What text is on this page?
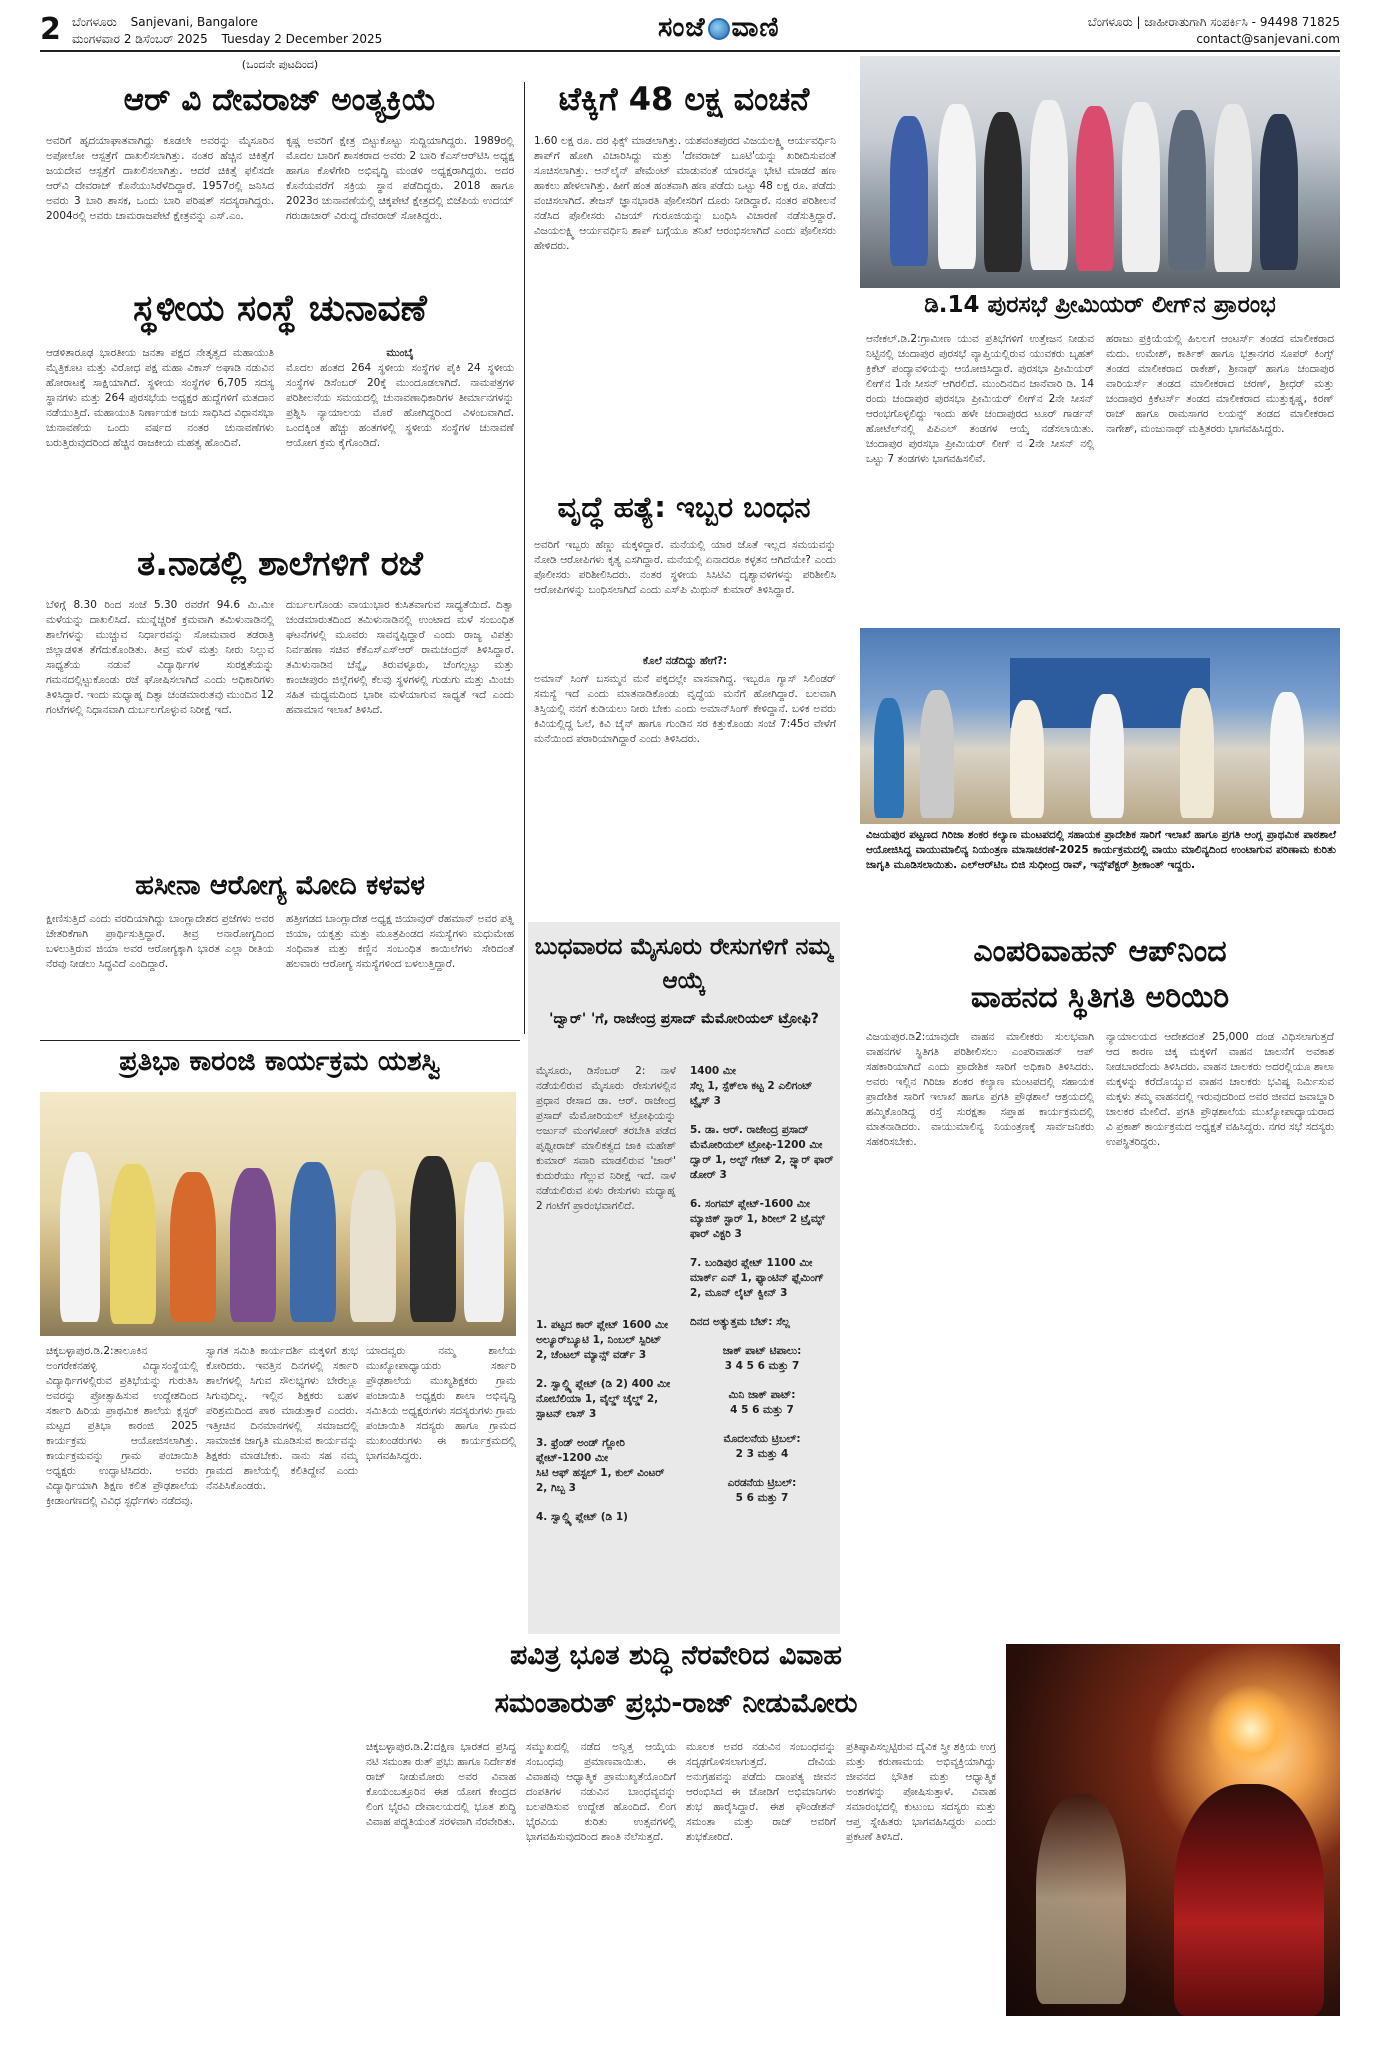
2 ಬೆಂಗಳೂರು Sanjevani, Bangalore
ಮಂಗಳವಾರ 2 ಡಿಸೆಂಬರ್ 2025 Tuesday 2 December 2025	ಸಂಜೆ ವಾಣಿ	ಬೆಂಗಳೂರು | ಜಾಹೀರಾತುಗಾಗಿ ಸಂಪರ್ಕಿಸಿ - 94498 71825
contact@sanjevani.com
(ಒಂದನೇ ಪುಟದಿಂದ)
ಆರ್ ವಿ ದೇವರಾಜ್ ಅಂತ್ಯಕ್ರಿಯೆ
ಅವರಿಗೆ ಹೃದಯಾಘಾತವಾಗಿದ್ದು ಕೂಡಲೇ ಅವರನ್ನು ಮೈಸೂರಿನ ಅಪೋಲೋ ಆಸ್ಪತ್ರೆಗೆ ದಾಖಲಿಸಲಾಗಿತ್ತು. ನಂತರ ಹೆಚ್ಚಿನ ಚಿಕಿತ್ಸೆಗೆ ಜಯದೇವ ಆಸ್ಪತ್ರೆಗೆ ದಾಖಲಿಸಲಾಗಿತ್ತು. ಆದರೆ ಚಿಕಿತ್ಸೆ ಫಲಿಸದೇ ಆರ್‌ವಿ ದೇವರಾಜ್ ಕೊನೆಯುಸಿರೆಳೆದಿದ್ದಾರೆ. 1957ರಲ್ಲಿ ಜನಿಸಿದ ಅವರು 3 ಬಾರಿ ಶಾಸಕ, ಒಂದು ಬಾರಿ ಪರಿಷತ್ ಸದಸ್ಯರಾಗಿದ್ದರು. 2004ರಲ್ಲಿ ಅವರು ಚಾಮರಾಜಪೇಟೆ ಕ್ಷೇತ್ರವನ್ನು ಎಸ್.ಎಂ.
ಕೃಷ್ಣ ಅವರಿಗೆ ಕ್ಷೇತ್ರ ಬಿಟ್ಟುಕೊಟ್ಟು ಸುದ್ದಿಯಾಗಿದ್ದರು. 1989ರಲ್ಲಿ ಮೊದಲ ಬಾರಿಗೆ ಶಾಸಕರಾದ ಅವರು 2 ಬಾರಿ ಕೆಎಸ್‌ಆರ್‌ಟಿಸಿ ಅಧ್ಯಕ್ಷ ಹಾಗೂ ಕೊಳೆಗೇರಿ ಅಭಿವೃದ್ಧಿ ಮಂಡಳಿ ಅಧ್ಯಕ್ಷರಾಗಿದ್ದರು. ಅದರ ಕೊನೆಯವರೆಗೆ ಸಕ್ರಿಯ ಸ್ಥಾನ ಪಡೆದಿದ್ದರು. 2018 ಹಾಗೂ 2023ರ ಚುನಾವಣೆಯಲ್ಲಿ ಚಿಕ್ಕಪೇಟೆ ಕ್ಷೇತ್ರದಲ್ಲಿ ಬಿಜೆಪಿಯ ಉದಯ್ ಗರುಡಾಚಾರ್ ವಿರುದ್ಧ ದೇವರಾಜ್ ಸೋತಿದ್ದರು.
ಸ್ಥಳೀಯ ಸಂಸ್ಥೆ ಚುನಾವಣೆ
ಆಡಳಿತಾರೂಢ ಭಾರತೀಯ ಜನತಾ ಪಕ್ಷದ ನೇತೃತ್ವದ ಮಹಾಯುತಿ ಮೈತ್ರಿಕೂಟ ಮತ್ತು ವಿರೋಧ ಪಕ್ಷ ಮಹಾ ವಿಕಾಸ್ ಅಘಾಡಿ ನಡುವಿನ ಹೋರಾಟಕ್ಕೆ ಸಾಕ್ಷಿಯಾಗಿದೆ. ಸ್ಥಳೀಯ ಸಂಸ್ಥೆಗಳ 6,705 ಸದಸ್ಯ ಸ್ಥಾನಗಳು ಮತ್ತು 264 ಪುರಸಭೆಯ ಅಧ್ಯಕ್ಷರ ಹುದ್ದೆಗಳಿಗೆ ಮತದಾನ ನಡೆಯುತ್ತಿದೆ. ಮಹಾಯುತಿ ನಿರ್ಣಾಯಕ ಜಯ ಸಾಧಿಸಿದ ವಿಧಾನಸಭಾ ಚುನಾವಣೆಯ ಒಂದು ವರ್ಷದ ನಂತರ ಚುನಾವಣೆಗಳು ಬರುತ್ತಿರುವುದರಿಂದ ಹೆಚ್ಚಿನ ರಾಜಕೀಯ ಮಹತ್ವ ಹೊಂದಿವೆ.
ಮುಂಬೈ
ಮೊದಲ ಹಂತದ 264 ಸ್ಥಳೀಯ ಸಂಸ್ಥೆಗಳ ಪೈಕಿ 24 ಸ್ಥಳೀಯ ಸಂಸ್ಥೆಗಳ ಡಿಸೆಂಬರ್ 20ಕ್ಕೆ ಮುಂದೂಡಲಾಗಿದೆ. ನಾಮಪತ್ರಗಳ ಪರಿಶೀಲನೆಯ ಸಮಯದಲ್ಲಿ ಚುನಾವಣಾಧಿಕಾರಿಗಳ ತೀರ್ಮಾನಗಳನ್ನು ಪ್ರಶ್ನಿಸಿ ನ್ಯಾಯಾಲಯ ಮೊರೆ ಹೋಗಿದ್ದರಿಂದ ವಿಳಂಬವಾಗಿದೆ. ಒಂದಕ್ಕಿಂತ ಹೆಚ್ಚು ಹಂತಗಳಲ್ಲಿ ಸ್ಥಳೀಯ ಸಂಸ್ಥೆಗಳ ಚುನಾವಣೆ ಆಯೋಗ ಕ್ರಮ ಕೈಗೊಂಡಿದೆ.
ತ.ನಾಡಲ್ಲಿ ಶಾಲೆಗಳಿಗೆ ರಜೆ
ಬೆಳಿಗ್ಗೆ 8.30 ರಿಂದ ಸಂಜೆ 5.30 ರವರೆಗೆ 94.6 ಮಿ.ಮೀ ಮಳೆಯನ್ನು ದಾಖಲಿಸಿದೆ. ಮುನ್ನೆಚ್ಚರಿಕೆ ಕ್ರಮವಾಗಿ ತಮಿಳುನಾಡಿನಲ್ಲಿ ಶಾಲೆಗಳನ್ನು ಮುಚ್ಚುವ ನಿರ್ಧಾರವನ್ನು ಸೋಮವಾರ ತಡರಾತ್ರಿ ಜಿಲ್ಲಾಡಳಿತ ತೆಗೆದುಕೊಂಡಿತು. ತೀವ್ರ ಮಳೆ ಮತ್ತು ನೀರು ನಿಲ್ಲುವ ಸಾಧ್ಯತೆಯ ನಡುವೆ ವಿದ್ಯಾರ್ಥಿಗಳ ಸುರಕ್ಷತೆಯನ್ನು ಗಮನದಲ್ಲಿಟ್ಟುಕೊಂಡು ರಜೆ ಘೋಷಿಸಲಾಗಿದೆ ಎಂದು ಅಧಿಕಾರಿಗಳು ತಿಳಿಸಿದ್ದಾರೆ. ಇಂದು ಮಧ್ಯಾಹ್ನ ದಿತ್ವಾ ಚಂಡಮಾರುತವು ಮುಂದಿನ 12 ಗಂಟೆಗಳಲ್ಲಿ ನಿಧಾನವಾಗಿ ದುರ್ಬಲಗೊಳ್ಳುವ ನಿರೀಕ್ಷೆ ಇದೆ.
ದುರ್ಬಲಗೊಂಡು ವಾಯುಭಾರ ಕುಸಿತವಾಗುವ ಸಾಧ್ಯತೆಯಿದೆ. ದಿತ್ವಾ ಚಂಡಮಾರುತದಿಂದ ತಮಿಳುನಾಡಿನಲ್ಲಿ ಉಂಟಾದ ಮಳೆ ಸಂಬಂಧಿತ ಘಟನೆಗಳಲ್ಲಿ ಮೂವರು ಸಾವನ್ನಪ್ಪಿದ್ದಾರೆ ಎಂದು ರಾಜ್ಯ ವಿಪತ್ತು ನಿರ್ವಹಣಾ ಸಚಿವ ಕೆಕೆಎಸ್‌ಎಸ್‌ಆರ್ ರಾಮಚಂದ್ರನ್ ತಿಳಿಸಿದ್ದಾರೆ. ತಮಿಳುನಾಡಿನ ಚೆನ್ನೈ, ತಿರುವಳ್ಳೂರು, ಚೆಂಗಲ್ಪಟ್ಟು ಮತ್ತು ಕಾಂಚೀಪುರಂ ಜಿಲ್ಲೆಗಳಲ್ಲಿ ಕೆಲವು ಸ್ಥಳಗಳಲ್ಲಿ ಗುಡುಗು ಮತ್ತು ಮಿಂಚು ಸಹಿತ ಮಧ್ಯಮದಿಂದ ಭಾರೀ ಮಳೆಯಾಗುವ ಸಾಧ್ಯತೆ ಇದೆ ಎಂದು ಹವಾಮಾನ ಇಲಾಖೆ ತಿಳಿಸಿದೆ.
ಹಸೀನಾ ಆರೋಗ್ಯ ಮೋದಿ ಕಳವಳ
ಕ್ಷೀಣಿಸುತ್ತಿದೆ ಎಂದು ವರದಿಯಾಗಿದ್ದು ಬಾಂಗ್ಲಾದೇಶದ ಪ್ರಜೆಗಳು ಅವರ ಚೇತರಿಕೆಗಾಗಿ ಪ್ರಾರ್ಥಿಸುತ್ತಿದ್ದಾರೆ. ತೀವ್ರ ಅನಾರೋಗ್ಯದಿಂದ ಬಳಲುತ್ತಿರುವ ಜಿಯಾ ಅವರ ಆರೋಗ್ಯಕ್ಕಾಗಿ ಭಾರತ ಎಲ್ಲಾ ರೀತಿಯ ನೆರವು ನೀಡಲು ಸಿದ್ಧವಿದೆ ಎಂದಿದ್ದಾರೆ.
ಹತ್ತೀಗಡದ ಬಾಂಗ್ಲಾದೇಶ ಅಧ್ಯಕ್ಷ ಜಿಯಾವುರ್ ರೆಹಮಾನ್ ಅವರ ಪತ್ನಿ ಜಿಯಾ, ಯಕೃತ್ತು ಮತ್ತು ಮೂತ್ರಪಿಂಡದ ಸಮಸ್ಯೆಗಳು ಮಧುಮೇಹ ಸಂಧಿವಾತ ಮತ್ತು ಕಣ್ಣಿನ ಸಂಬಂಧಿತ ಕಾಯಿಲೆಗಳು ಸೇರಿದಂತೆ ಹಲವಾರು ಆರೋಗ್ಯ ಸಮಸ್ಯೆಗಳಿಂದ ಬಳಲುತ್ತಿದ್ದಾರೆ.
ಟೆಕ್ಕಿಗೆ 48 ಲಕ್ಷ ವಂಚನೆ
1.60 ಲಕ್ಷ ರೂ. ದರ ಫಿಕ್ಸ್ ಮಾಡಲಾಗಿತ್ತು. ಯಶವಂತಪುರದ ವಿಜಯಲಕ್ಷ್ಮಿ ಆರ್ಯವರ್ಧಿನಿ ಶಾಪ್‌ಗೆ ಹೋಗಿ ವಿಚಾರಿಸಿದ್ದು ಮತ್ತು 'ದೇವರಾಜ್ ಬೂಟಿ'ಯನ್ನು ಖರೀದಿಸುವಂತೆ ಸೂಚಿಸಲಾಗಿತ್ತು. ಆನ್‌ಲೈನ್ ಪೇಮೆಂಟ್ ಮಾಡುವಂತೆ ಯಾರನ್ನೂ ಭೇಟಿ ಮಾಡದೆ ಹಣ ಹಾಕಲು ಹೇಳಲಾಗಿತ್ತು. ಹೀಗೆ ಹಂತ ಹಂತವಾಗಿ ಹಣ ಪಡೆದು ಒಟ್ಟು 48 ಲಕ್ಷ ರೂ. ಪಡೆದು ವಂಚಿಸಲಾಗಿದೆ. ತೇಜಸ್ ಜ್ಞಾನಭಾರತಿ ಪೊಲೀಸರಿಗೆ ದೂರು ನೀಡಿದ್ದಾರೆ. ನಂತರ ಪರಿಶೀಲನೆ ನಡೆಸಿದ ಪೊಲೀಸರು ವಿಜಯ್ ಗುರೂಜಿಯನ್ನು ಬಂಧಿಸಿ ವಿಚಾರಣೆ ನಡೆಸುತ್ತಿದ್ದಾರೆ. ವಿಜಯಲಕ್ಷ್ಮಿ ಆರ್ಯವರ್ಧಿನಿ ಶಾಪ್ ಬಗ್ಗೆಯೂ ತನಿಖೆ ಆರಂಭಿಸಲಾಗಿದೆ ಎಂದು ಪೊಲೀಸರು ಹೇಳಿದರು.
ವೃದ್ಧೆ ಹತ್ಯೆ: ಇಬ್ಬರ ಬಂಧನ
ಅವರಿಗೆ ಇಬ್ಬರು ಹೆಣ್ಣು ಮಕ್ಕಳಿದ್ದಾರೆ. ಮನೆಯಲ್ಲಿ ಯಾರ ಜೊತೆ ಇಲ್ಲದ ಸಮಯವನ್ನು ನೋಡಿ ಆರೋಪಿಗಳು ಕೃತ್ಯ ಎಸಗಿದ್ದಾರೆ. ಮನೆಯಲ್ಲಿ ಏನಾದರೂ ಕಳ್ಳತನ ಆಗಿದೆಯೇ? ಎಂದು ಪೊಲೀಸರು ಪರಿಶೀಲಿಸಿದರು. ನಂತರ ಸ್ಥಳೀಯ ಸಿಸಿಟಿವಿ ದೃಶ್ಯಾವಳಿಗಳನ್ನು ಪರಿಶೀಲಿಸಿ ಆರೋಪಿಗಳನ್ನು ಬಂಧಿಸಲಾಗಿದೆ ಎಂದು ಎಸ್‌ಪಿ ಮಿಥುನ್ ಕುಮಾರ್ ತಿಳಿಸಿದ್ದಾರೆ.
ಕೊಲೆ ನಡೆದಿದ್ದು ಹೇಗೆ?:
ಅಮಾನ್ ಸಿಂಗ್ ಬಸಮ್ಮನ ಮನೆ ಪಕ್ಕದಲ್ಲೇ ವಾಸವಾಗಿದ್ದ. ಇಬ್ಬರೂ ಗ್ಯಾಸ್ ಸಿಲಿಂಡರ್ ಸಮಸ್ಯೆ ಇದೆ ಎಂದು ಮಾತನಾಡಿಕೊಂಡು ವೃದ್ಧೆಯ ಮನೆಗೆ ಹೋಗಿದ್ದಾರೆ. ಬಲವಾಗಿ ತಿಸ್ತಿಯಲ್ಲಿ ನನಗೆ ಕುಡಿಯಲು ನೀರು ಬೇಕು ಎಂದು ಅಮಾನ್‌ಸಿಂಗ್ ಕೇಳಿದ್ದಾನೆ. ಬಳಿಕ ಅವರು ಕಿವಿಯಲ್ಲಿದ್ದ ಓಲೆ, ಕಿವಿ ಚೈನ್ ಹಾಗೂ ಗುಂಡಿನ ಸರ ಕಿತ್ತುಕೊಂಡು ಸಂಜೆ 7:45ರ ವೇಳೆಗೆ ಮನೆಯಿಂದ ಪರಾರಿಯಾಗಿದ್ದಾರೆ ಎಂದು ತಿಳಿಸಿದರು.
ಡಿ.14 ಪುರಸಭೆ ಪ್ರೀಮಿಯರ್ ಲೀಗ್‌ನ ಪ್ರಾರಂಭ
ಆನೇಕಲ್.ಡಿ.2:ಗ್ರಾಮೀಣ ಯುವ ಪ್ರತಿಭೆಗಳಿಗೆ ಉತ್ತೇಜನ ನೀಡುವ ನಿಟ್ಟಿನಲ್ಲಿ ಚಂದಾಪುರ ಪುರಸಭೆ ವ್ಯಾಪ್ತಿಯಲ್ಲಿರುವ ಯುವಕರು ಬೃಹತ್ ಕ್ರಿಕೆಟ್ ಪಂದ್ಯಾವಳಿಯನ್ನು ಆಯೋಜಿಸಿದ್ದಾರೆ. ಪುರಸಭಾ ಪ್ರೀಮಿಯರ್ ಲೀಗ್‌ನ 1ನೇ ಸೀಸನ್‌ ಆಗಿರಲಿದೆ. ಮುಂದಿನದಿನ ಜಾನೆವಾರಿ ಡಿ. 14 ರಂದು ಚಂದಾಪುರ ಪುರಸಭಾ ಪ್ರೀಮಿಯರ್ ಲೀಗ್‌ನ 2ನೇ ಸೀಸನ್ ಆರಂಭಗೊಳ್ಳಲಿದ್ದು ಇಂದು ಹಳೇ ಚಂದಾಪುರದ ಟೂರ್ ಗಾರ್ಡನ್ ಹೋಟೆಲ್‌ನಲ್ಲಿ ಪಿಪಿಎಲ್ ತಂಡಗಳ ಆಯ್ಕೆ ನಡೆಸಲಾಯಿತು. ಚಂದಾಪುರ ಪುರಸಭಾ ಪ್ರೀಮಿಯರ್ ಲೀಗ್ ನ 2ನೇ ಸೀಸನ್ ನಲ್ಲಿ ಒಟ್ಟು 7 ತಂಡಗಳು ಭಾಗವಹಿಸಲಿವೆ.
ಹರಾಜು ಪ್ರಕ್ರಿಯೆಯಲ್ಲಿ ಹಿಲಲಗೆ ಆಂಟರ್ಸ್ ತಂಡದ ಮಾಲೀಕರಾದ ಮದು. ಉಮೇಶ್, ಕಾರ್ತಿಕ್ ಹಾಗೂ ಭತ್ರಾನಗರ ಸೂಪರ್ ಕಿಂಗ್ಸ್ ತಂಡದ ಮಾಲೀಕರಾದ ರಾಕೇಶ್, ಶ್ರೀನಾಥ್ ಹಾಗೂ ಚಂದಾಪುರ ವಾರಿಯರ್ಸ್ ತಂಡದ ಮಾಲೀಕರಾದ ಚರಣ್, ಶ್ರೀಧರ್ ಮತ್ತು ಚಂದಾಪುರ ಕ್ರಿಕೆಟರ್ಸ್ ತಂಡದ ಮಾಲೀಕರಾದ ಮುತ್ತುಕೃಷ್ಣ, ಕಿರಣ್ ರಾಜ್ ಹಾಗೂ ರಾಮಸಾಗರ ಲಯನ್ಸ್ ತಂಡದ ಮಾಲೀಕರಾದ ನಾಗೇಶ್, ಮಂಜುನಾಥ್ ಮತ್ತಿತರರು ಭಾಗವಹಿಸಿದ್ದರು.
ವಿಜಯಪುರ ಪಟ್ಟಣದ ಗಿರಿಜಾ ಶಂಕರ ಕಲ್ಯಾಣ ಮಂಟಪದಲ್ಲಿ ಸಹಾಯಕ ಪ್ರಾದೇಶಿಕ ಸಾರಿಗೆ ಇಲಾಖೆ ಹಾಗೂ ಪ್ರಗತಿ ಆಂಗ್ಲ ಪ್ರಾಥಮಿಕ ಪಾಠಶಾಲೆ ಆಯೋಜಿಸಿದ್ದ ವಾಯುಮಾಲಿನ್ಯ ನಿಯಂತ್ರಣ ಮಾಸಾಚರಣೆ-2025 ಕಾರ್ಯಕ್ರಮದಲ್ಲಿ ವಾಯು ಮಾಲಿನ್ಯದಿಂದ ಉಂಟಾಗುವ ಪರಿಣಾಮ ಕುರಿತು ಜಾಗೃತಿ ಮೂಡಿಸಲಾಯಿತು. ಎಲ್‌ಆರ್‌ಟಿಒ ಬಿಜಿ ಸುಧೀಂದ್ರ ರಾವ್, ಇನ್ಸ್‌ಪೆಕ್ಟರ್ ಶ್ರೀಕಾಂತ್ ಇದ್ದರು.
ಎಂಪರಿವಾಹನ್ ಆಪ್‌ನಿಂದ
ವಾಹನದ ಸ್ಥಿತಿಗತಿ ಅರಿಯಿರಿ
ವಿಜಯಪುರ.ಡಿ2:ಯಾವುದೇ ವಾಹನ ಮಾಲೀಕರು ಸುಲಭವಾಗಿ ವಾಹನಗಳ ಸ್ಥಿತಿಗತಿ ಪರಿಶೀಲಿಸಲು ಎಂಪರಿವಾಹನ್ ಆಪ್ ಸಹಕಾರಿಯಾಗಿದೆ ಎಂದು ಪ್ರಾದೇಶಿಕ ಸಾರಿಗೆ ಅಧಿಕಾರಿ ತಿಳಿಸಿದರು. ಅವರು ಇಲ್ಲಿನ ಗಿರಿಜಾ ಶಂಕರ ಕಲ್ಯಾಣ ಮಂಟಪದಲ್ಲಿ ಸಹಾಯಕ ಪ್ರಾದೇಶಿಕ ಸಾರಿಗೆ ಇಲಾಖೆ ಹಾಗೂ ಪ್ರಗತಿ ಪ್ರೌಢಶಾಲೆ ಆಶ್ರಯದಲ್ಲಿ ಹಮ್ಮಿಕೊಂಡಿದ್ದ ರಸ್ತೆ ಸುರಕ್ಷತಾ ಸಪ್ತಾಹ ಕಾರ್ಯಕ್ರಮದಲ್ಲಿ ಮಾತನಾಡಿದರು. ವಾಯುಮಾಲಿನ್ಯ ನಿಯಂತ್ರಣಕ್ಕೆ ಸಾರ್ವಜನಿಕರು ಸಹಕರಿಸಬೇಕು.
ನ್ಯಾಯಾಲಯದ ಆದೇಶದಂತೆ 25,000 ದಂಡ ವಿಧಿಸಲಾಗುತ್ತದೆ ಆದ ಕಾರಣ ಚಿಕ್ಕ ಮಕ್ಕಳಿಗೆ ವಾಹನ ಚಾಲನೆಗೆ ಅವಕಾಶ ನೀಡಬಾರದೆಂದು ತಿಳಿಸಿದರು. ವಾಹನ ಚಾಲಕರು ಅದರಲ್ಲಿಯೂ ಶಾಲಾ ಮಕ್ಕಳನ್ನು ಕರೆದೊಯ್ಯುವ ವಾಹನ ಚಾಲಕರು ಭವಿಷ್ಯ ನಿರ್ಮಿಸುವ ಮಕ್ಕಳು ತಮ್ಮ ವಾಹನದಲ್ಲಿ ಇರುವುದರಿಂದ ಅವರ ಜೀವದ ಜವಾಬ್ದಾರಿ ಚಾಲಕರ ಮೇಲಿದೆ. ಪ್ರಗತಿ ಪ್ರೌಢಶಾಲೆಯ ಮುಖ್ಯೋಪಾಧ್ಯಾಯರಾದ ವಿ ಪ್ರಕಾಶ್ ಕಾರ್ಯಕ್ರಮದ ಅಧ್ಯಕ್ಷತೆ ವಹಿಸಿದ್ದರು. ನಗರ ಸಭೆ ಸದಸ್ಯರು ಉಪಸ್ಥಿತರಿದ್ದರು.
ಪ್ರತಿಭಾ ಕಾರಂಜಿ ಕಾರ್ಯಕ್ರಮ ಯಶಸ್ವಿ
ಚಿಕ್ಕಬಳ್ಳಾಪುರ.ಡಿ.2:ತಾಲೂಕಿನ ಅಂಗರೇಕನಹಳ್ಳಿ ವಿದ್ಯಾಸಂಸ್ಥೆಯಲ್ಲಿ ವಿದ್ಯಾರ್ಥಿಗಳಲ್ಲಿರುವ ಪ್ರತಿಭೆಯನ್ನು ಗುರುತಿಸಿ ಅವರನ್ನು ಪ್ರೋತ್ಸಾಹಿಸುವ ಉದ್ದೇಶದಿಂದ ಸರ್ಕಾರಿ ಹಿರಿಯ ಪ್ರಾಥಮಿಕ ಶಾಲೆಯ ಕ್ಲಸ್ಟರ್ ಮಟ್ಟದ ಪ್ರತಿಭಾ ಕಾರಂಜಿ 2025 ಕಾರ್ಯಕ್ರಮ ಆಯೋಜಿಸಲಾಗಿತ್ತು. ಕಾರ್ಯಕ್ರಮವನ್ನು ಗ್ರಾಮ ಪಂಚಾಯಿತಿ ಅಧ್ಯಕ್ಷರು ಉದ್ಘಾಟಿಸಿದರು. ಅವರು ವಿದ್ಯಾರ್ಥಿಯಾಗಿ ಶಿಕ್ಷಣ ಕಲಿತ ಪ್ರೌಢಶಾಲೆಯ ಕ್ರೀಡಾಂಗಣದಲ್ಲಿ ವಿವಿಧ ಸ್ಪರ್ಧೆಗಳು ನಡೆದವು.
ಸ್ವಾಗತ ಸಮಿತಿ ಕಾರ್ಯದರ್ಶಿ ಮಕ್ಕಳಿಗೆ ಶುಭ ಕೋರಿದರು. ಇವತ್ತಿನ ದಿನಗಳಲ್ಲಿ ಸರ್ಕಾರಿ ಶಾಲೆಗಳಲ್ಲಿ ಸಿಗುವ ಸೌಲಭ್ಯಗಳು ಬೇರೆಲ್ಲೂ ಸಿಗುವುದಿಲ್ಲ. ಇಲ್ಲಿನ ಶಿಕ್ಷಕರು ಬಹಳ ಪರಿಶ್ರಮದಿಂದ ಪಾಠ ಮಾಡುತ್ತಾರೆ ಎಂದರು. ಇತ್ತೀಚಿನ ದಿನಮಾನಗಳಲ್ಲಿ ಸಮಾಜದಲ್ಲಿ ಸಾಮಾಜಿಕ ಜಾಗೃತಿ ಮೂಡಿಸುವ ಕಾರ್ಯವನ್ನು ಶಿಕ್ಷಕರು ಮಾಡಬೇಕು. ನಾನು ಸಹ ನಮ್ಮ ಗ್ರಾಮದ ಶಾಲೆಯಲ್ಲಿ ಕಲಿತಿದ್ದೇನೆ ಎಂದು ನೆನಪಿಸಿಕೊಂಡರು.
ಯಾದವ್ವರು ನಮ್ಮ ಶಾಲೆಯ ಮುಖ್ಯೋಪಾಧ್ಯಾಯರು ಸರ್ಕಾರಿ ಪ್ರೌಢಶಾಲೆಯ ಮುಖ್ಯಶಿಕ್ಷಕರು ಗ್ರಾಮ ಪಂಚಾಯಿತಿ ಅಧ್ಯಕ್ಷರು ಶಾಲಾ ಅಭಿವೃದ್ಧಿ ಸಮಿತಿಯ ಅಧ್ಯಕ್ಷರುಗಳು ಸದಸ್ಯರುಗಳು ಗ್ರಾಮ ಪಂಚಾಯಿತಿ ಸದಸ್ಯರು ಹಾಗೂ ಗ್ರಾಮದ ಮುಖಂಡರುಗಳು ಈ ಕಾರ್ಯಕ್ರಮದಲ್ಲಿ ಭಾಗವಹಿಸಿದ್ದರು.
ಬುಧವಾರದ ಮೈಸೂರು ರೇಸುಗಳಿಗೆ ನಮ್ಮ ಆಯ್ಕೆ
'ದ್ವಾರ್' 'ಗೆ, ರಾಜೇಂದ್ರ ಪ್ರಸಾದ್ ಮೆಮೋರಿಯಲ್ ಟ್ರೋಫಿ?
ಮೈಸೂರು, ಡಿಸೆಂಬರ್ 2: ನಾಳೆ ನಡೆಯಲಿರುವ ಮೈಸೂರು ರೇಸುಗಳಲ್ಲಿನ ಪ್ರಧಾನ ರೇಸಾದ ಡಾ. ಆರ್. ರಾಜೇಂದ್ರ ಪ್ರಸಾದ್ ಮೆಮೋರಿಯಲ್ ಟ್ರೋಫಿಯನ್ನು ಅರ್ಜುನ್ ಮಂಗಳೋರ್ ತರಬೇತಿ ಪಡೆದ ಪೃಥ್ವೀರಾಜ್ ಮಾಲಿಕತ್ವದ ಜಾಕಿ ಮಹೇಶ್ ಕುಮಾರ್ ಸವಾರಿ ಮಾಡಲಿರುವ 'ಜಾರ್' ಕುದುರೆಯು ಗೆಲ್ಲುವ ನಿರೀಕ್ಷೆ ಇದೆ. ನಾಳೆ ನಡೆಯಲಿರುವ ಏಳು ರೇಸುಗಳು ಮಧ್ಯಾಹ್ನ 2 ಗಂಟೆಗೆ ಪ್ರಾರಂಭವಾಗಲಿದೆ.
1. ಪಟ್ಟದ ಕಾರ್ ಪ್ಲೇಟ್ 1600 ಮೀ
ಅಲ್ಯೂರ್‌ಬ್ಯೂಟಿ 1, ನಿಂಬಲ್ ಸ್ಪಿರಿಟ್ 2, ಚೆಂಟಲ್ ಮ್ಯಾನ್ಸ್‌ ವರ್ಡ್ 3
2. ಸ್ವಾಲ್ಡ್ಕಿ ಪ್ಲೇಟ್ (ಡಿ 2) 400 ಮೀ
ನೋಬೆಲಿಯಾ 1, ವೈಲ್ಡ್ ಚೈಲ್ಡ್ 2, ಸ್ಪಾಟನ್ ಲಾಸ್ 3
3. ಫ್ರೆಂಡ್ ಅಂಡ್ ಗ್ಲೋರಿ ಪ್ಲೇಟ್-1200 ಮೀ
ಸಿಟಿ ಆಫ್ ಹಸ್ಟಲ್ 1, ಕುಲ್ ವಿಂಟರ್ 2, ಗಿಬ್ಬ 3
4. ಸ್ವಾಲ್ಡ್ಕಿ ಪ್ಲೇಟ್ (ಡಿ 1)
1400 ಮೀ
ಸೆಲ್ಲ 1, ಸ್ಪೆಕ್‌ಲಾ ಕಟ್ಟ 2 ಎಲಿಗಂಟ್ ಟ್ವೈಸ್ 3
5. ಡಾ. ಆರ್. ರಾಜೇಂದ್ರ ಪ್ರಸಾದ್ ಮೆಮೋರಿಯಲ್ ಟ್ರೋಫಿ-1200 ಮೀ
ದ್ವಾರ್ 1, ಅಲ್ಟ್ ಗೇಟ್ 2, ಸ್ಪ್ಯಾರ್ ಫಾರ್ ಡೋರ್ 3
6. ಸಂಗಮ್ ಪ್ಲೇಟ್-1600 ಮೀ
ಮ್ಯಾಜಿಕ್ ಸ್ಟಾರ್ 1, ಶಿರೀಲ್ 2 ಟ್ರೈಮ್ಫ್ ಫಾರ್ ವಿಕ್ಟರಿ 3
7. ಬಂಡಿಪುರ ಪ್ಲೇಟ್ 1100 ಮೀ
ಮಾರ್ಕ್ ಎನ್ 1, ಫ್ಯಾಂಟಿನ್ ಫ್ಲೆಮಿಂಗ್ 2, ಮೂನ್ ಲೈಟ್ ಕ್ವೀನ್ 3
ದಿನದ ಅತ್ಯುತ್ತಮ ಬೆಟ್: ಸೆಲ್ಲ
ಜಾಕ್ ಪಾಟ್ ಟಿಪಾಲು:
3 4 5 6 ಮತ್ತು 7
ಮಿನಿ ಜಾಕ್ ಪಾಟ್:
4 5 6 ಮತ್ತು 7
ಮೊದಲನೆಯ ಟ್ರಿಬಲ್:
2 3 ಮತ್ತು 4
ಎರಡನೆಯ ಟ್ರಿಬಲ್:
5 6 ಮತ್ತು 7
ಪವಿತ್ರ ಭೂತ ಶುದ್ಧಿ ನೆರವೇರಿದ ವಿವಾಹ
ಸಮಂತಾರುತ್ ಪ್ರಭು-ರಾಜ್ ನೀಡುಮೋರು
ಚಿಕ್ಕಬಳ್ಳಾಪುರ.ಡಿ.2:ದಕ್ಷಿಣ ಭಾರತದ ಪ್ರಸಿದ್ಧ ನಟಿ ಸಮಂತಾ ರುತ್ ಪ್ರಭು ಹಾಗೂ ನಿರ್ದೇಶಕ ರಾಜ್ ನೀಡುಮೋರು ಅವರ ವಿವಾಹ ಕೊಯಂಬತ್ತೂರಿನ ಈಶ ಯೋಗ ಕೇಂದ್ರದ ಲಿಂಗ ಭೈರವಿ ದೇವಾಲಯದಲ್ಲಿ ಭೂತ ಶುದ್ಧಿ ವಿವಾಹ ಪದ್ಧತಿಯಂತೆ ಸರಳವಾಗಿ ನೆರವೇರಿತು.
ಸಮ್ಮುಖದಲ್ಲಿ ನಡೆದ ಅನ್ವಿತ್ತ ಆಯ್ಕೆಯ ಸಂಬಂಧವು ಪ್ರಮಾಣವಾಯಿತು. ಈ ವಿವಾಹವು ಆಧ್ಯಾತ್ಮಿಕ ಪ್ರಾಮುಖ್ಯತೆಯೊಂದಿಗೆ ದಂಪತಿಗಳ ನಡುವಿನ ಬಾಂಧವ್ಯವನ್ನು ಬಲಪಡಿಸುವ ಉದ್ದೇಶ ಹೊಂದಿದೆ. ಲಿಂಗ ಭೈರವಿಯ ಕುರಿತು ಉತ್ಸವಗಳಲ್ಲಿ ಭಾಗವಹಿಸುವುದರಿಂದ ಶಾಂತಿ ನೆಲೆಸುತ್ತದೆ.
ಮೂಲಕ ಅವರ ನಡುವಿನ ಸಂಬಂಧವನ್ನು ಸದೃಢಗೊಳಿಸಲಾಗುತ್ತದೆ. ದೇವಿಯ ಅನುಗ್ರಹವನ್ನು ಪಡೆದು ದಾಂಪತ್ಯ ಜೀವನ ಆರಂಭಿಸಿದ ಈ ಜೋಡಿಗೆ ಅಭಿಮಾನಿಗಳು ಶುಭ ಹಾರೈಸಿದ್ದಾರೆ. ಈಶ ಫೌಂಡೇಶನ್ ಸಮಂತಾ ಮತ್ತು ರಾಜ್ ಅವರಿಗೆ ಶುಭಕೋರಿದೆ.
ಪ್ರತಿಷ್ಠಾಪಿಸಲ್ಪಟ್ಟಿರುವ ದೈವಿಕ ಸ್ತ್ರೀ ಶಕ್ತಿಯ ಉಗ್ರ ಮತ್ತು ಕರುಣಾಮಯ ಅಭಿವ್ಯಕ್ತಿಯಾಗಿದ್ದು ಜೀವನದ ಭೌತಿಕ ಮತ್ತು ಆಧ್ಯಾತ್ಮಿಕ ಅಂಶಗಳನ್ನು ಪೋಷಿಸುತ್ತಾಳೆ. ವಿವಾಹ ಸಮಾರಂಭದಲ್ಲಿ ಕುಟುಂಬ ಸದಸ್ಯರು ಮತ್ತು ಆಪ್ತ ಸ್ನೇಹಿತರು ಭಾಗವಹಿಸಿದ್ದರು ಎಂದು ಪ್ರಕಟಣೆ ತಿಳಿಸಿದೆ.
